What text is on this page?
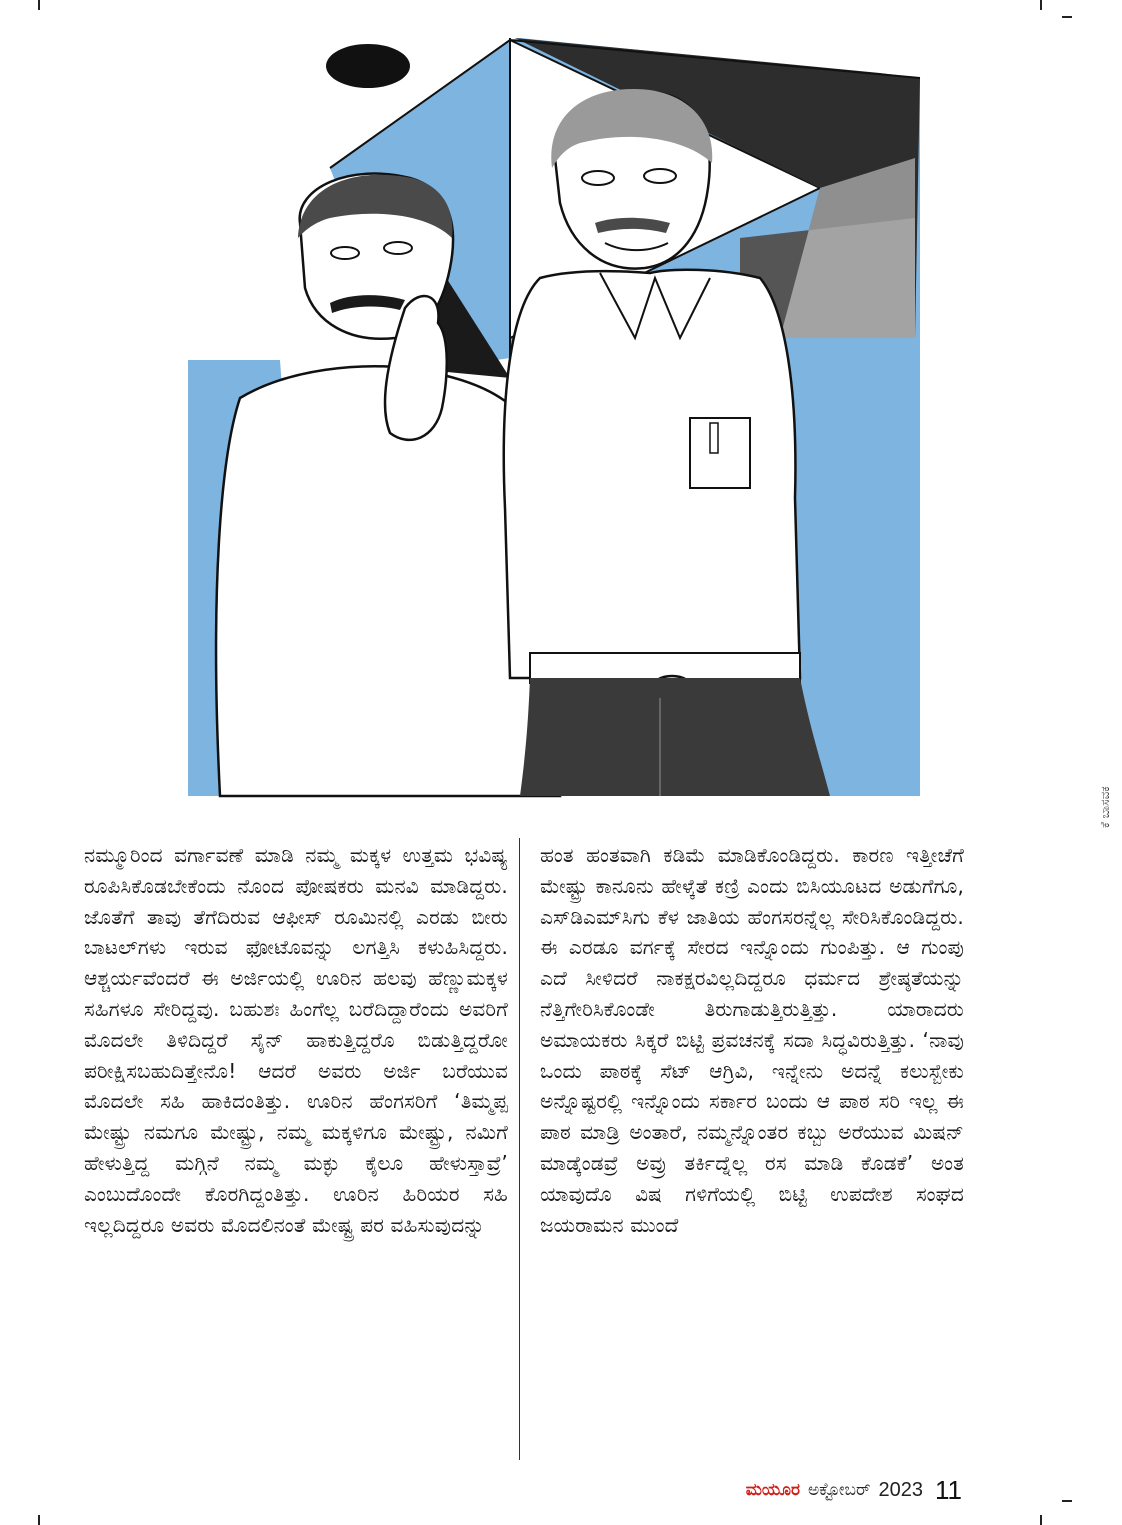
ಕೆ ಬಾಸವಕ

ನಮ್ಮೂರಿಂದ ವರ್ಗಾವಣೆ ಮಾಡಿ ನಮ್ಮ ಮಕ್ಕಳ ಉತ್ತಮ ಭವಿಷ್ಯ ರೂಪಿಸಿಕೊಡಬೇಕೆಂದು ನೊಂದ ಪೋಷಕರು ಮನವಿ ಮಾಡಿದ್ದರು. ಜೊತೆಗೆ ತಾವು ತೆಗೆದಿರುವ ಆಫೀಸ್ ರೂಮಿನಲ್ಲಿ ಎರಡು ಬೀರು ಬಾಟಲ್‌ಗಳು ಇರುವ ಫೋಟೊವನ್ನು ಲಗತ್ತಿಸಿ ಕಳುಹಿಸಿದ್ದರು. ಆಶ್ಚರ್ಯವೆಂದರೆ ಈ ಅರ್ಜಿಯಲ್ಲಿ ಊರಿನ ಹಲವು ಹೆಣ್ಣುಮಕ್ಕಳ ಸಹಿಗಳೂ ಸೇರಿದ್ದವು. ಬಹುಶಃ ಹಿಂಗೆಲ್ಲ ಬರೆದಿದ್ದಾರೆಂದು ಅವರಿಗೆ ಮೊದಲೇ ತಿಳಿದಿದ್ದರೆ ಸೈನ್ ಹಾಕುತ್ತಿದ್ದರೊ ಬಿಡುತ್ತಿದ್ದರೋ ಪರೀಕ್ಷಿಸಬಹುದಿತ್ತೇನೊ! ಆದರೆ ಅವರು ಅರ್ಜಿ ಬರೆಯುವ ಮೊದಲೇ ಸಹಿ ಹಾಕಿದಂತಿತ್ತು. ಊರಿನ ಹೆಂಗಸರಿಗೆ ‘ತಿಮ್ಮಪ್ಪ ಮೇಷ್ಟ್ರು ನಮಗೂ ಮೇಷ್ಟ್ರು, ನಮ್ಮ ಮಕ್ಕಳಿಗೂ ಮೇಷ್ಟ್ರು, ನಮಿಗೆ ಹೇಳುತ್ತಿದ್ದ ಮಗ್ಗಿನೆ ನಮ್ಮ ಮಕ್ಳು ಕೈಲೂ ಹೇಳುಸ್ತಾವ್ರೆ’ ಎಂಬುದೊಂದೇ ಕೊರಗಿದ್ದಂತಿತ್ತು. ಊರಿನ ಹಿರಿಯರ ಸಹಿ ಇಲ್ಲದಿದ್ದರೂ ಅವರು ಮೊದಲಿನಂತೆ ಮೇಷ್ಟ್ರ ಪರ ವಹಿಸುವುದನ್ನು

ಹಂತ ಹಂತವಾಗಿ ಕಡಿಮೆ ಮಾಡಿಕೊಂಡಿದ್ದರು. ಕಾರಣ ಇತ್ತೀಚೆಗೆ ಮೇಷ್ಟ್ರು ಕಾನೂನು ಹೇಳ್ಕೆತೆ ಕಣ್ರಿ ಎಂದು ಬಿಸಿಯೂಟದ ಅಡುಗೆಗೂ, ಎಸ್‌ಡಿಎಮ್‌ಸಿಗು ಕೆಳ ಜಾತಿಯ ಹೆಂಗಸರನ್ನೆಲ್ಲ ಸೇರಿಸಿಕೊಂಡಿದ್ದರು. ಈ ಎರಡೂ ವರ್ಗಕ್ಕೆ ಸೇರದ ಇನ್ನೊಂದು ಗುಂಪಿತ್ತು. ಆ ಗುಂಪು ಎದೆ ಸೀಳಿದರೆ ನಾಕಕ್ಷರವಿಲ್ಲದಿದ್ದರೂ ಧರ್ಮದ ಶ್ರೇಷ್ಠತೆಯನ್ನು ನೆತ್ತಿಗೇರಿಸಿಕೊಂಡೇ ತಿರುಗಾಡುತ್ತಿರುತ್ತಿತ್ತು. ಯಾರಾದರು ಅಮಾಯಕರು ಸಿಕ್ಕರೆ ಬಿಟ್ಟಿ ಪ್ರವಚನಕ್ಕೆ ಸದಾ ಸಿದ್ಧವಿರುತ್ತಿತ್ತು. ‘ನಾವು ಒಂದು ಪಾಠಕ್ಕೆ ಸೆಟ್ ಆಗ್ರಿವಿ, ಇನ್ನೇನು ಅದನ್ನೆ ಕಲುಸ್ಬೇಕು ಅನ್ನೊಷ್ಟರಲ್ಲಿ ಇನ್ನೊಂದು ಸರ್ಕಾರ ಬಂದು ಆ ಪಾಠ ಸರಿ ಇಲ್ಲ ಈ ಪಾಠ ಮಾಡ್ರಿ ಅಂತಾರೆ, ನಮ್ಮನ್ನೊಂತರ ಕಬ್ಬು ಅರೆಯುವ ಮಿಷನ್ ಮಾಡ್ಕೆಂಡವ್ರೆ ಅವ್ರು ತರ್ಕಿದ್ನೆಲ್ಲ ರಸ ಮಾಡಿ ಕೊಡಕೆ’ ಅಂತ ಯಾವುದೊ ವಿಷ ಗಳಿಗೆಯಲ್ಲಿ ಬಿಟ್ಟಿ ಉಪದೇಶ ಸಂಘದ ಜಯರಾಮನ ಮುಂದೆ

ಮಯೂರ ಅಕ್ಟೋಬರ್ 2023 11
